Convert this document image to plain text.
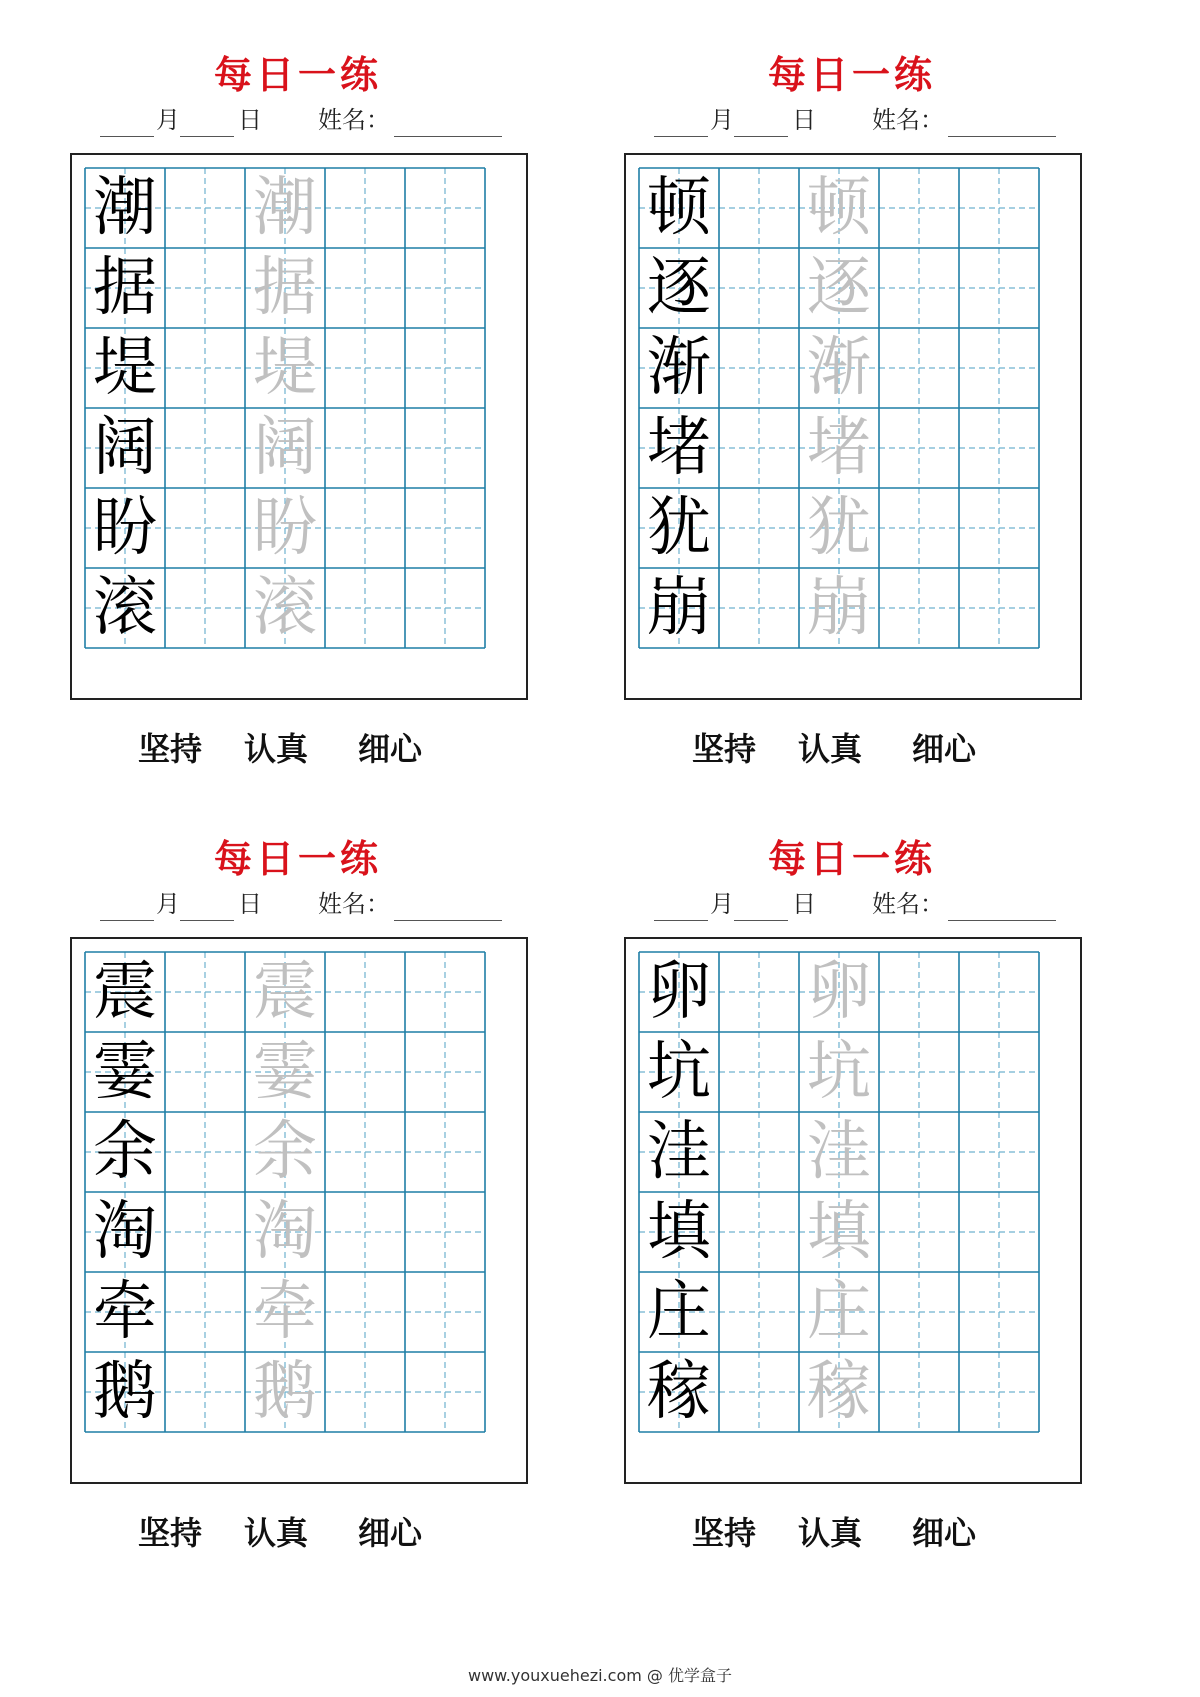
每日一练
月 日 姓名：
潮 潮
据 据
堤 堤
阔 阔
盼 盼
滚 滚
坚持 认真 细心
每日一练
月 日 姓名：
顿 顿
逐 逐
渐 渐
堵 堵
犹 犹
崩 崩
坚持 认真 细心
每日一练
月 日 姓名：
震 震
霎 霎
余 余
淘 淘
牵 牵
鹅 鹅
坚持 认真 细心
每日一练
月 日 姓名：
卵 卵
坑 坑
洼 洼
填 填
庄 庄
稼 稼
坚持 认真 细心
www.youxuehezi.com @ 优学盒子
